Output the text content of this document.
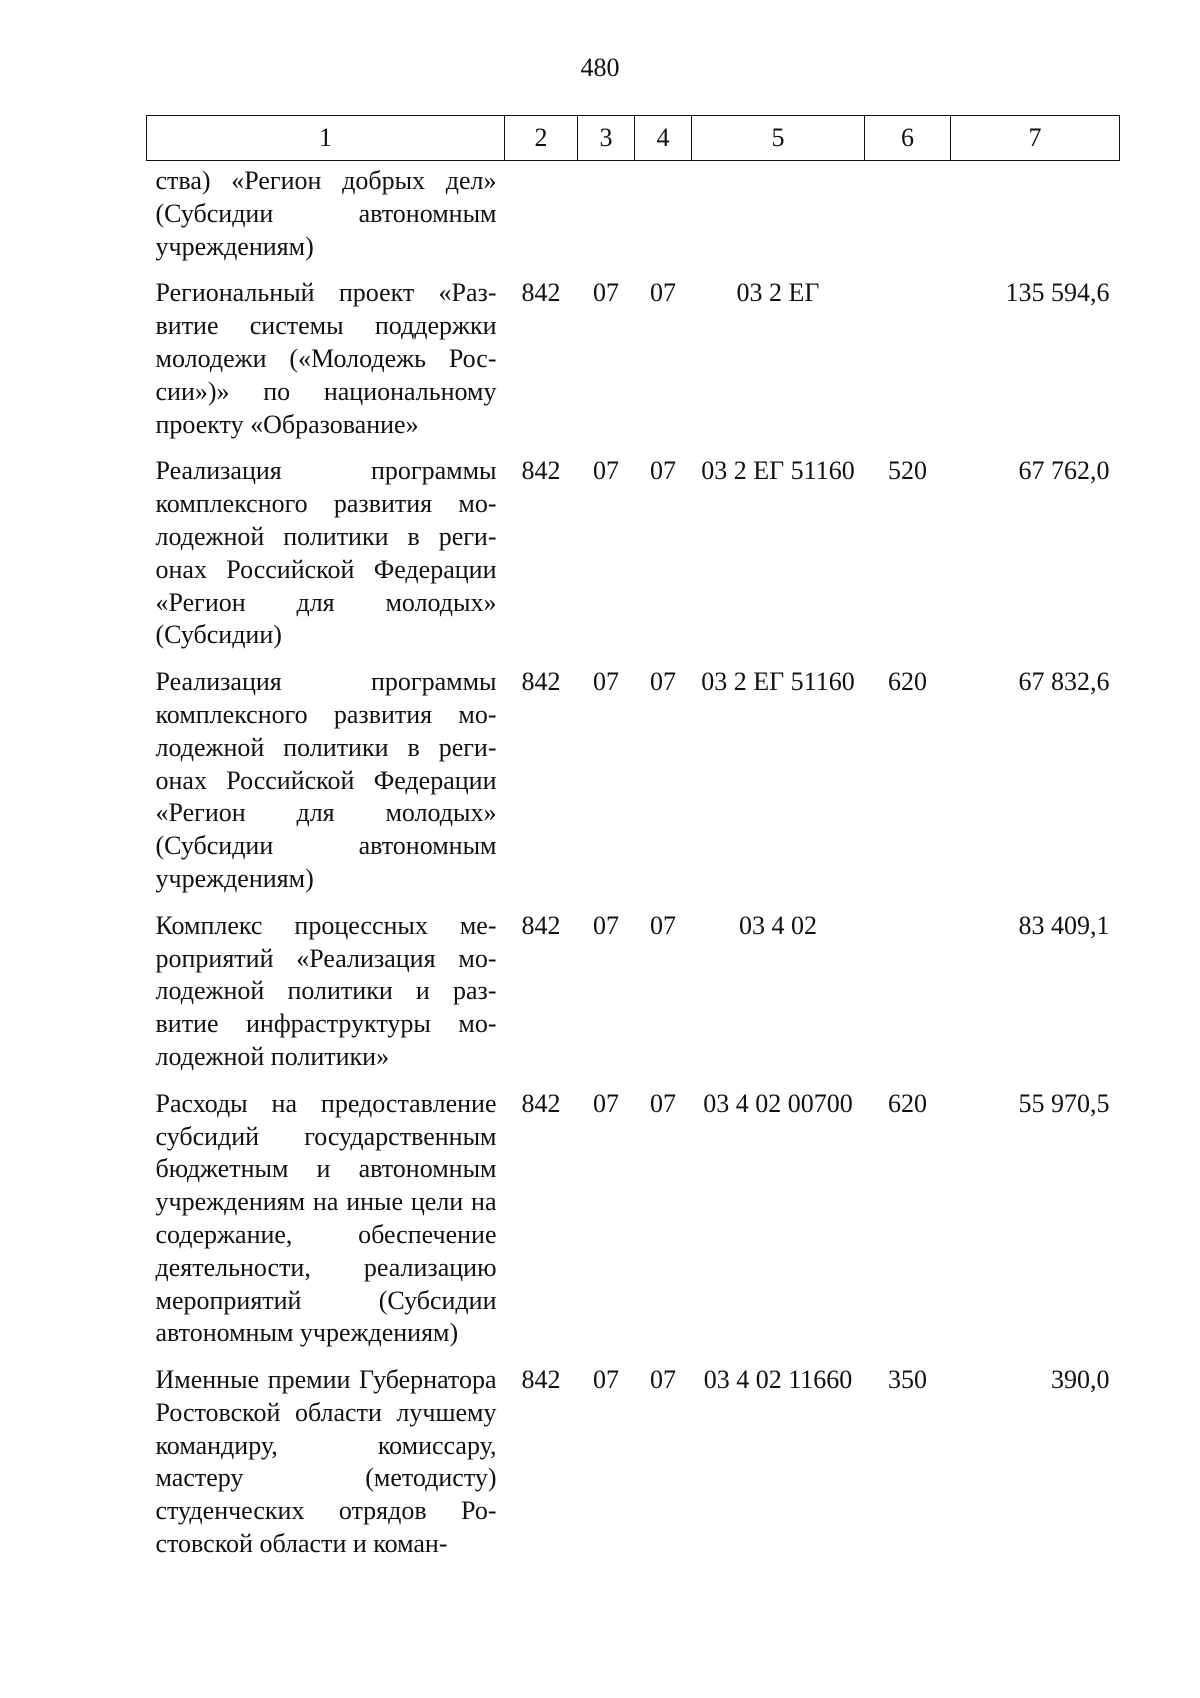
480
1	2	3	4	5	6	7
ства) «Регион добрых дел» (Субсидии автономным учреждениям)						
Региональный проект «Развитие системы поддержки молодежи («Молодежь России»)» по национальному проекту «Образование»	842	07	07	03 2 ЕГ		135 594,6
Реализация программы комплексного развития молодежной политики в регионах Российской Федерации «Регион для молодых» (Субсидии)	842	07	07	03 2 ЕГ 51160	520	67 762,0
Реализация программы комплексного развития молодежной политики в регионах Российской Федерации «Регион для молодых» (Субсидии автономным учреждениям)	842	07	07	03 2 ЕГ 51160	620	67 832,6
Комплекс процессных мероприятий «Реализация молодежной политики и развитие инфраструктуры молодежной политики»	842	07	07	03 4 02		83 409,1
Расходы на предоставление субсидий государственным бюджетным и автономным учреждениям на иные цели на содержание, обеспечение деятельности, реализацию мероприятий (Субсидии автономным учреждениям)	842	07	07	03 4 02 00700	620	55 970,5
Именные премии Губернатора Ростовской области лучшему командиру, комиссару, мастеру (методисту) студенческих отрядов Ростовской области и коман-	842	07	07	03 4 02 11660	350	390,0
